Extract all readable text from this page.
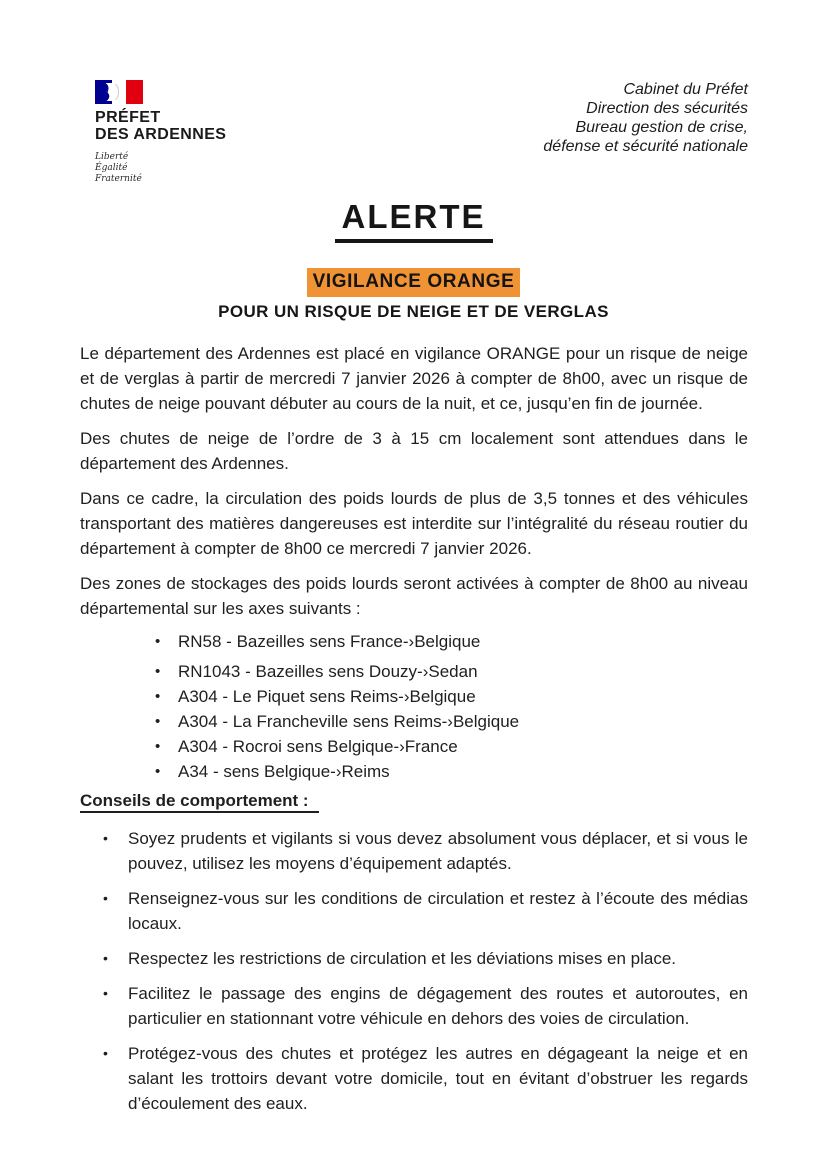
PRÉFET
DES ARDENNES
Liberté
Égalité
Fraternité
Cabinet du Préfet
Direction des sécurités
Bureau gestion de crise,
défense et sécurité nationale
ALERTE
VIGILANCE ORANGE
POUR UN RISQUE DE NEIGE ET DE VERGLAS

Le département des Ardennes est placé en vigilance ORANGE pour un risque de neige et de verglas à partir de mercredi 7 janvier 2026 à compter de 8h00, avec un risque de chutes de neige pouvant débuter au cours de la nuit, et ce, jusqu’en fin de journée.

Des chutes de neige de l’ordre de 3 à 15 cm localement sont attendues dans le département des Ardennes.

Dans ce cadre, la circulation des poids lourds de plus de 3,5 tonnes et des véhicules transportant des matières dangereuses est interdite sur l’intégralité du réseau routier du département à compter de 8h00 ce mercredi 7 janvier 2026.

Des zones de stockages des poids lourds seront activées à compter de 8h00 au niveau départemental sur les axes suivants :

• RN58 - Bazeilles sens France-›Belgique
• RN1043 - Bazeilles sens Douzy-›Sedan
• A304 - Le Piquet sens Reims-›Belgique
• A304 - La Francheville sens Reims-›Belgique
• A304 - Rocroi sens Belgique-›France
• A34 - sens Belgique-›Reims
Conseils de comportement :
• Soyez prudents et vigilants si vous devez absolument vous déplacer, et si vous le pouvez, utilisez les moyens d’équipement adaptés.
• Renseignez-vous sur les conditions de circulation et restez à l’écoute des médias locaux.
• Respectez les restrictions de circulation et les déviations mises en place.
• Facilitez le passage des engins de dégagement des routes et autoroutes, en particulier en stationnant votre véhicule en dehors des voies de circulation.
• Protégez-vous des chutes et protégez les autres en dégageant la neige et en salant les trottoirs devant votre domicile, tout en évitant d’obstruer les regards d’écoulement des eaux.
